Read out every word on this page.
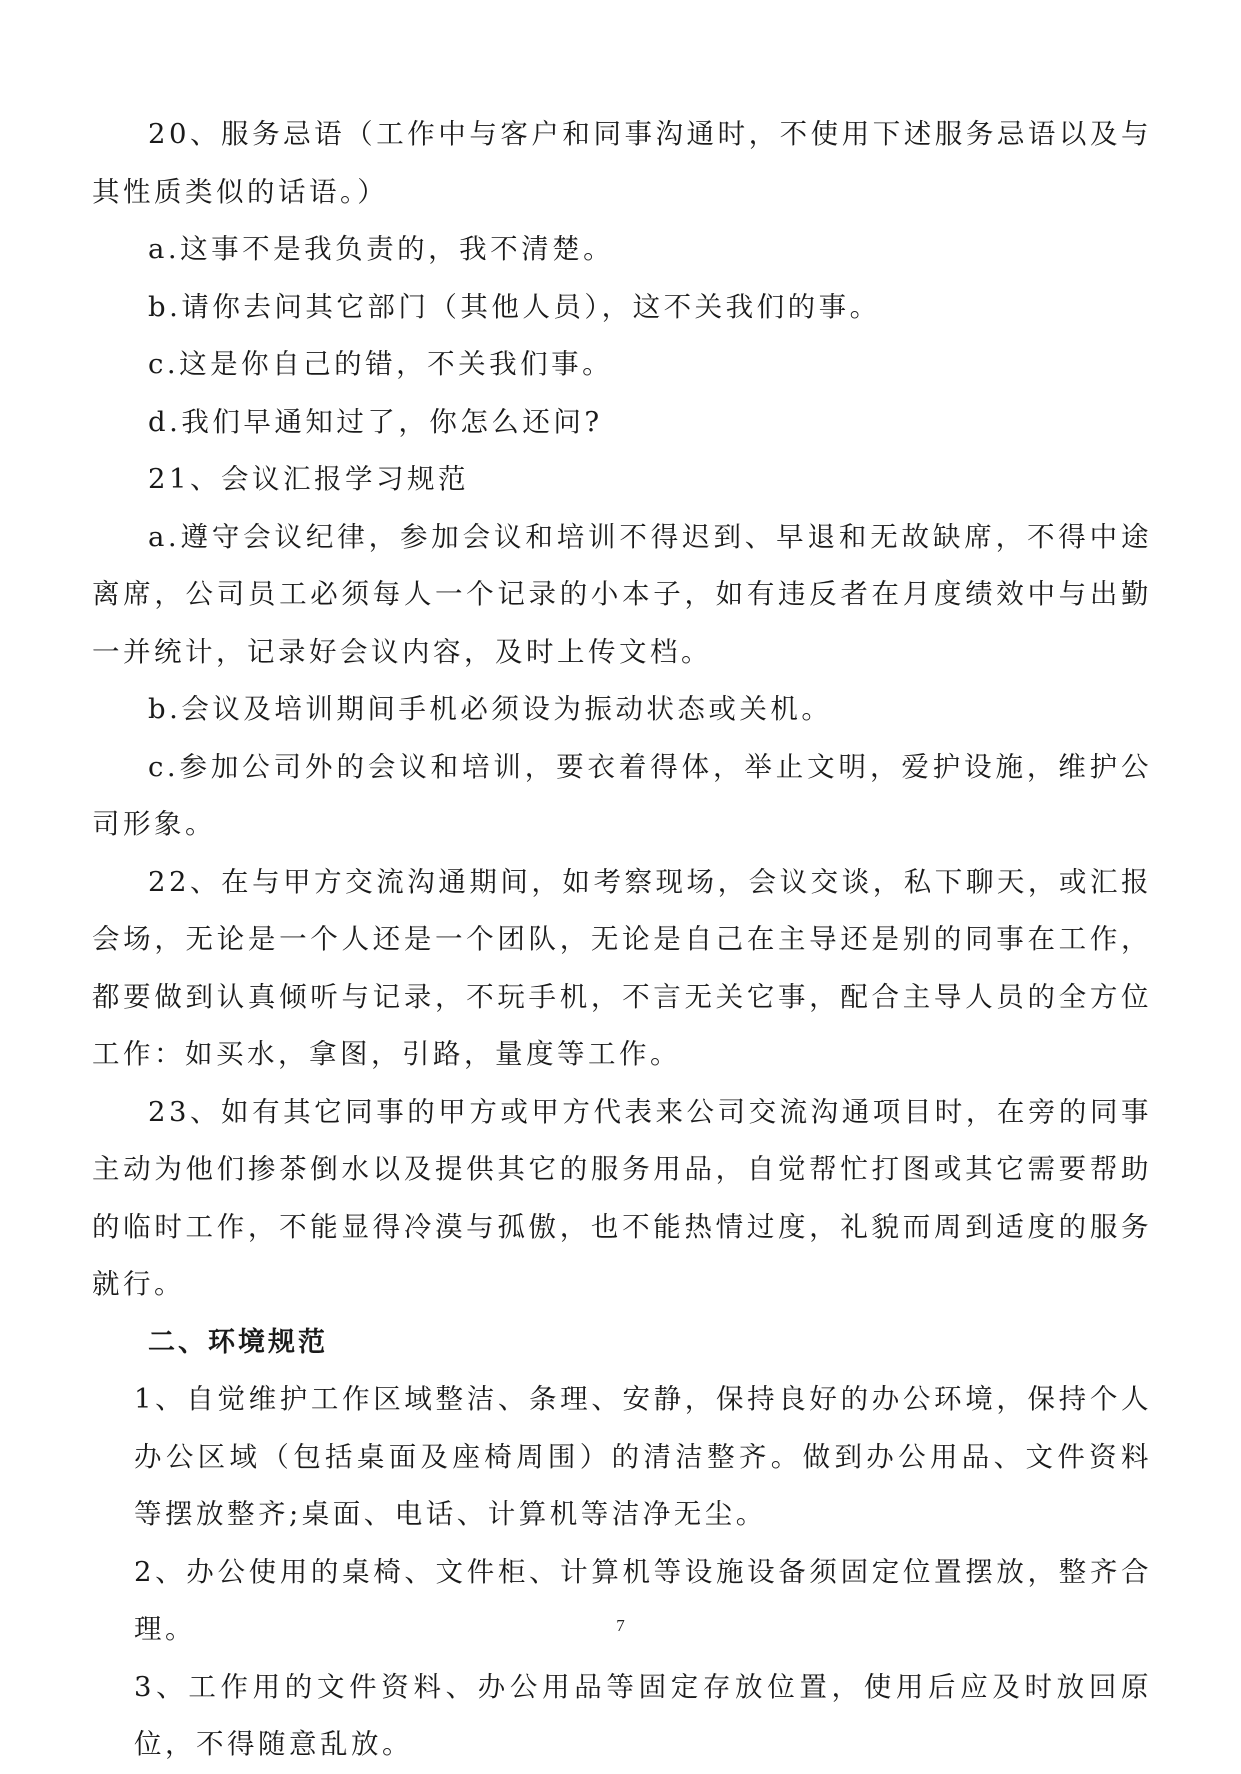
20、服务忌语（工作中与客户和同事沟通时，不使用下述服务忌语以及与其性质类似的话语。）

a.这事不是我负责的，我不清楚。

b.请你去问其它部门（其他人员），这不关我们的事。

c.这是你自己的错，不关我们事。

d.我们早通知过了，你怎么还问?

21、会议汇报学习规范

a.遵守会议纪律，参加会议和培训不得迟到、早退和无故缺席，不得中途离席，公司员工必须每人一个记录的小本子，如有违反者在月度绩效中与出勤一并统计，记录好会议内容，及时上传文档。

b.会议及培训期间手机必须设为振动状态或关机。

c.参加公司外的会议和培训，要衣着得体，举止文明，爱护设施，维护公司形象。

22、在与甲方交流沟通期间，如考察现场，会议交谈，私下聊天，或汇报会场，无论是一个人还是一个团队，无论是自己在主导还是别的同事在工作，都要做到认真倾听与记录，不玩手机，不言无关它事，配合主导人员的全方位工作：如买水，拿图，引路，量度等工作。

23、如有其它同事的甲方或甲方代表来公司交流沟通项目时，在旁的同事主动为他们掺茶倒水以及提供其它的服务用品，自觉帮忙打图或其它需要帮助的临时工作，不能显得冷漠与孤傲，也不能热情过度，礼貌而周到适度的服务就行。

二、环境规范

1、自觉维护工作区域整洁、条理、安静，保持良好的办公环境，保持个人办公区域（包括桌面及座椅周围）的清洁整齐。做到办公用品、文件资料等摆放整齐;桌面、电话、计算机等洁净无尘。

2、办公使用的桌椅、文件柜、计算机等设施设备须固定位置摆放，整齐合理。

3、工作用的文件资料、办公用品等固定存放位置，使用后应及时放回原位，不得随意乱放。

7
